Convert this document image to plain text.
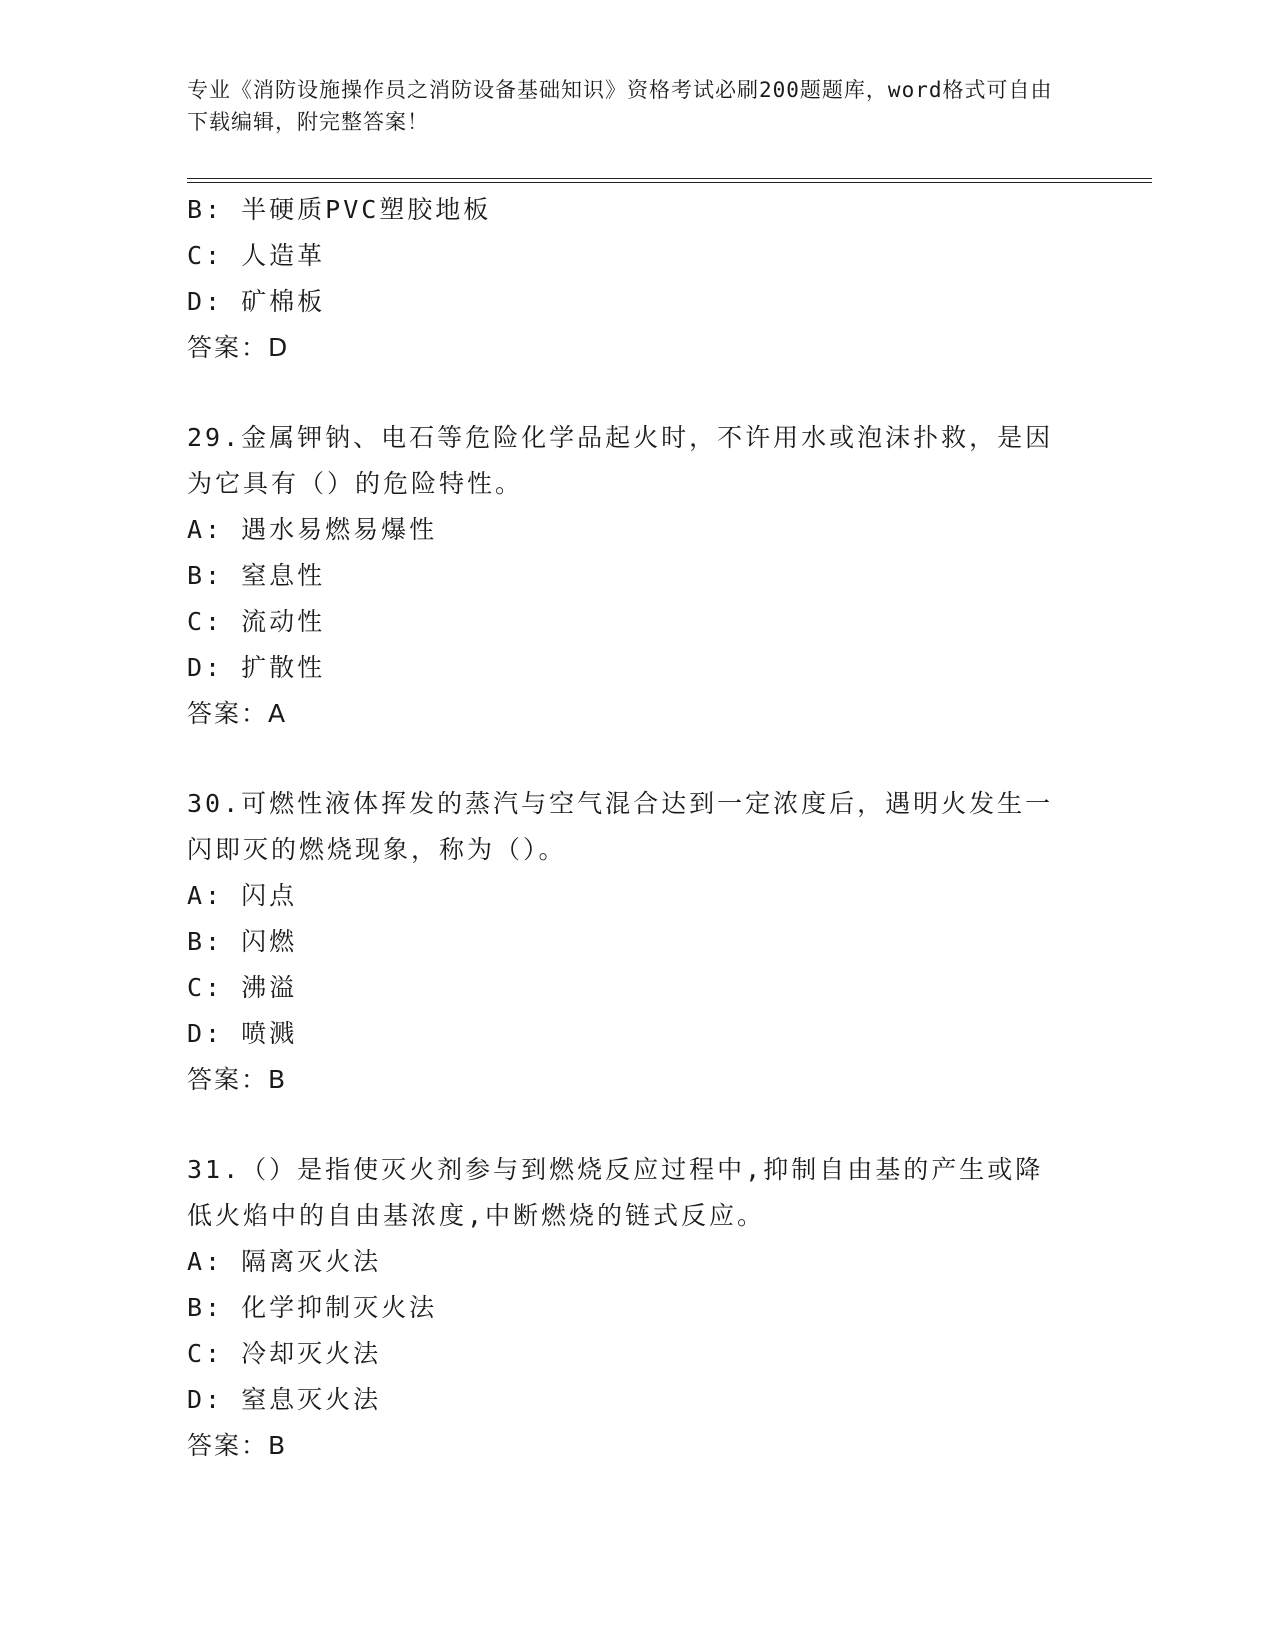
专业《消防设施操作员之消防设备基础知识》资格考试必刷200题题库，word格式可自由下载编辑，附完整答案！
B: 半硬质PVC塑胶地板
C: 人造革
D: 矿棉板
答案：D
29.金属钾钠、电石等危险化学品起火时，不许用水或泡沫扑救，是因为它具有（）的危险特性。
A: 遇水易燃易爆性
B: 窒息性
C: 流动性
D: 扩散性
答案：A
30.可燃性液体挥发的蒸汽与空气混合达到一定浓度后，遇明火发生一闪即灭的燃烧现象，称为（）。
A: 闪点
B: 闪燃
C: 沸溢
D: 喷溅
答案：B
31.（）是指使灭火剂参与到燃烧反应过程中,抑制自由基的产生或降低火焰中的自由基浓度,中断燃烧的链式反应。
A: 隔离灭火法
B: 化学抑制灭火法
C: 冷却灭火法
D: 窒息灭火法
答案：B
